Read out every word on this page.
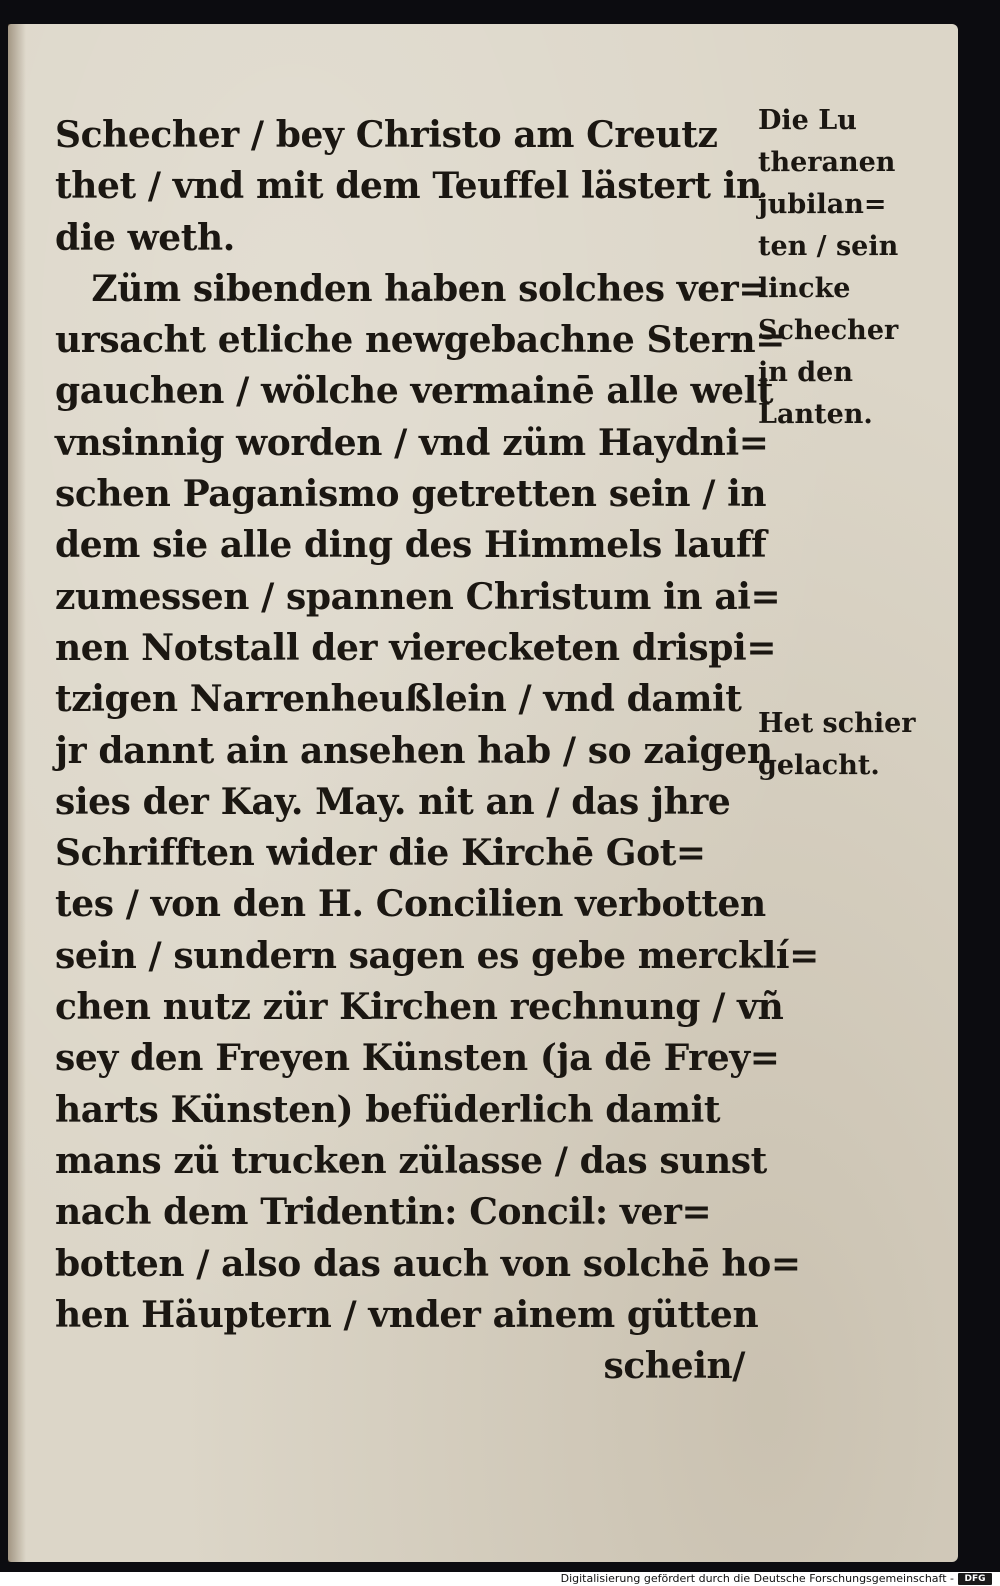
Schecher / bey Christo am Creutz
thet / vnd mit dem Teuffel lästert in
die weth.
Züm sibenden haben solches ver=
ursacht etliche newgebachne Stern=
gauchen / wölche vermainē alle welt
vnsinnig worden / vnd züm Haydni=
schen Paganismo getretten sein / in
dem sie alle ding des Himmels lauff
zumessen / spannen Christum in ai=
nen Notstall der vierecketen drispi=
tzigen Narrenheußlein / vnd damit
jr dannt ain ansehen hab / so zaigen
sies der Kay. May. nit an / das jhre
Schrifften wider die Kirchē Got=
tes / von den H. Concilien verbotten
sein / sundern sagen es gebe mercklí=
chen nutz zür Kirchen rechnung / vñ
sey den Freyen Künsten (ja dē Frey=
harts Künsten) befüderlich damit
mans zü trucken zülasse / das sunst
nach dem Tridentin: Concil: ver=
botten / also das auch von solchē ho=
hen Häuptern / vnder ainem gütten
schein/
Die Lu
theranen
jubilan=
ten / sein
lincke
Schecher
in den
Lanten.
Het schier
gelacht.
Digitalisierung gefördert durch die Deutsche Forschungsgemeinschaft -	DFG
